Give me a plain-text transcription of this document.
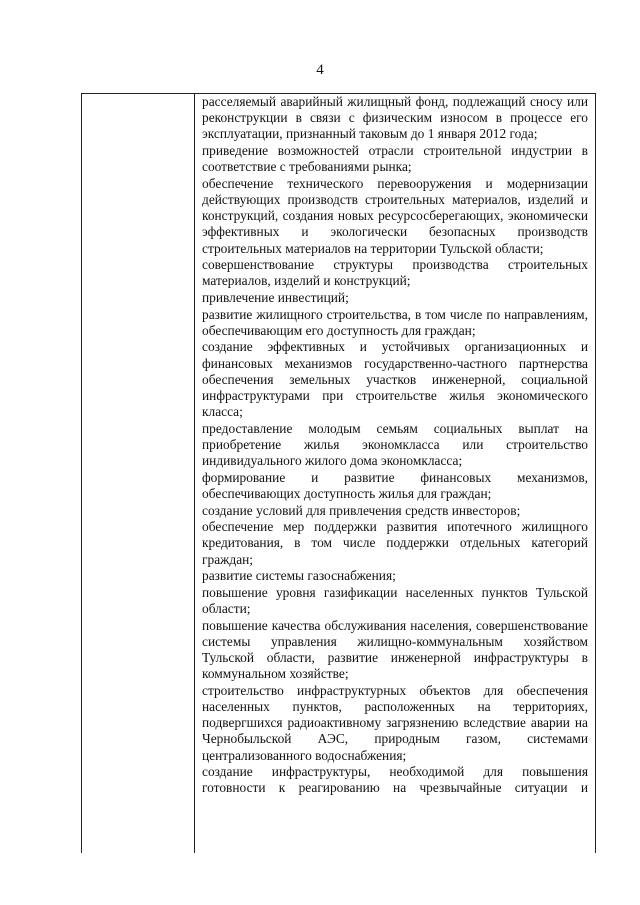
4

расселяемый аварийный жилищный фонд, подлежащий сносу или реконструкции в связи с физическим износом в процессе его эксплуатации, признанный таковым до 1 января 2012 года;

приведение возможностей отрасли строительной индустрии в соответствие с требованиями рынка;

обеспечение технического перевооружения и модернизации действующих производств строительных материалов, изделий и конструкций, создания новых ресурсосберегающих, экономически эффективных и экологически безопасных производств строительных материалов на территории Тульской области;

совершенствование структуры производства строительных материалов, изделий и конструкций;

привлечение инвестиций;

развитие жилищного строительства, в том числе по направлениям, обеспечивающим его доступность для граждан;

создание эффективных и устойчивых организационных и финансовых механизмов государственно-частного партнерства обеспечения земельных участков инженерной, социальной инфраструктурами при строительстве жилья экономического класса;

предоставление молодым семьям социальных выплат на приобретение жилья экономкласса или строительство индивидуального жилого дома экономкласса;

формирование и развитие финансовых механизмов, обеспечивающих доступность жилья для граждан;

создание условий для привлечения средств инвесторов;

обеспечение мер поддержки развития ипотечного жилищного кредитования, в том числе поддержки отдельных категорий граждан;

развитие системы газоснабжения;

повышение уровня газификации населенных пунктов Тульской области;

повышение качества обслуживания населения, совершенствование системы управления жилищно-коммунальным хозяйством Тульской области, развитие инженерной инфраструктуры в коммунальном хозяйстве;

строительство инфраструктурных объектов для обеспечения населенных пунктов, расположенных на территориях, подвергшихся радиоактивному загрязнению вследствие аварии на Чернобыльской АЭС, природным газом, системами централизованного водоснабжения;

создание инфраструктуры, необходимой для повышения готовности к реагированию на чрезвычайные ситуации и
